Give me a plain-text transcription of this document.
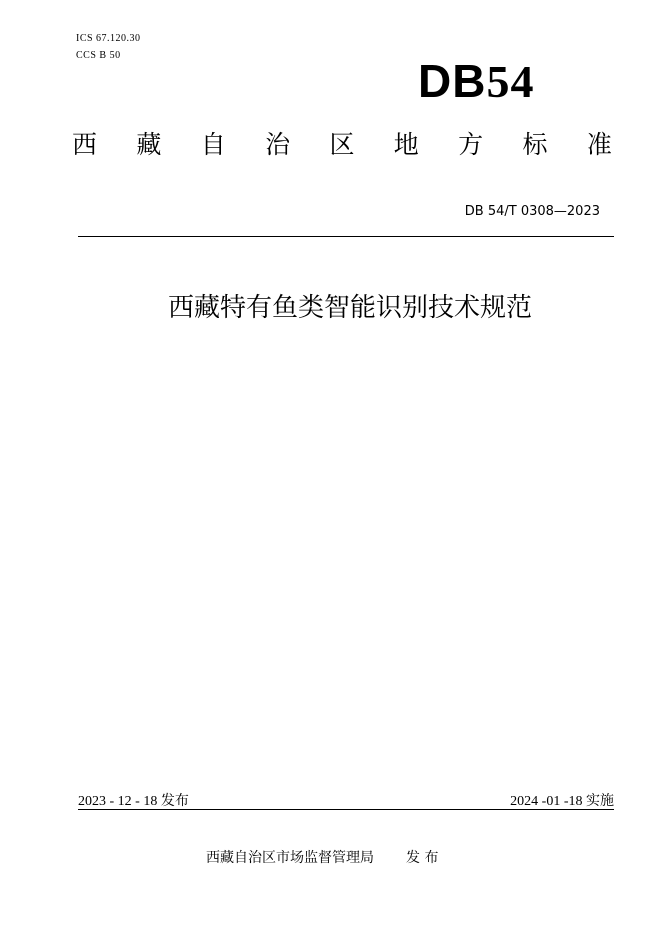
ICS 67.120.30
CCS B 50	DB54
西 藏 自 治 区 地 方 标 准
DB 54/T 0308—2023
西藏特有鱼类智能识别技术规范
2023 - 12 - 18 发布	2024 -01 -18 实施
西藏自治区市场监督管理局 发 布
